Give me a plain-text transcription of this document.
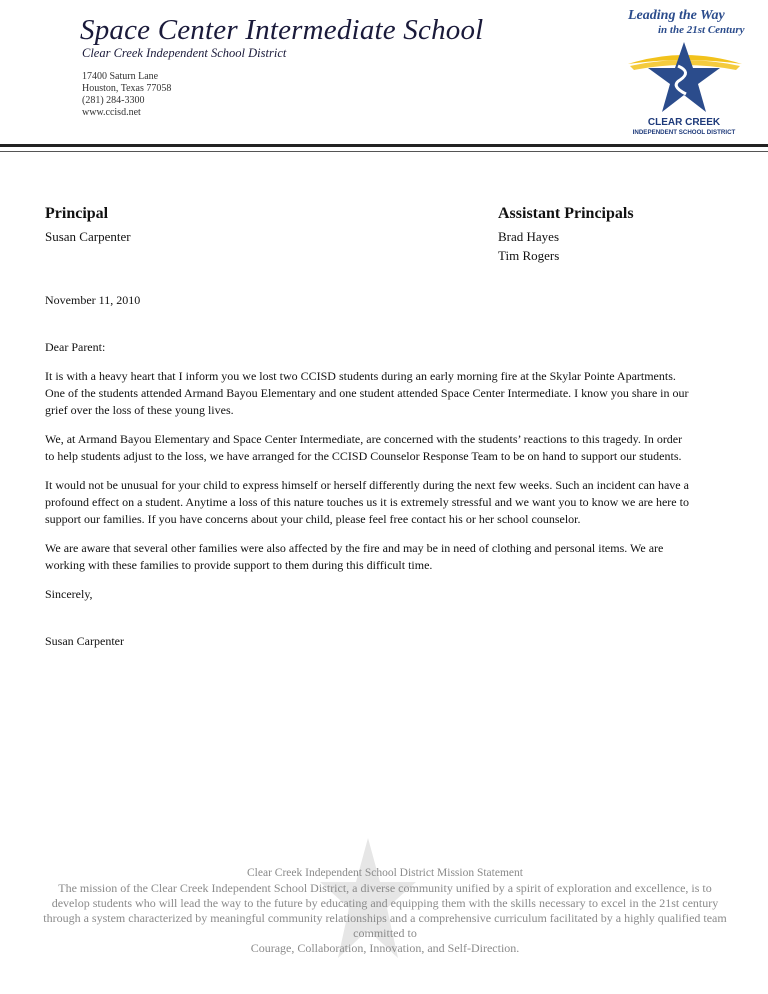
Space Center Intermediate School
Clear Creek Independent School District
17400 Saturn Lane
Houston, Texas 77058
(281) 284-3300
www.ccisd.net
Leading the Way
in the 21st Century
CLEAR CREEK
INDEPENDENT SCHOOL DISTRICT
Principal
Susan Carpenter
Assistant Principals
Brad Hayes
Tim Rogers

November 11, 2010

Dear Parent:

It is with a heavy heart that I inform you we lost two CCISD students during an early morning fire at the Skylar Pointe Apartments. One of the students attended Armand Bayou Elementary and one student attended Space Center Intermediate. I know you share in our grief over the loss of these young lives.

We, at Armand Bayou Elementary and Space Center Intermediate, are concerned with the students’ reactions to this tragedy. In order to help students adjust to the loss, we have arranged for the CCISD Counselor Response Team to be on hand to support our students.

It would not be unusual for your child to express himself or herself differently during the next few weeks. Such an incident can have a profound effect on a student. Anytime a loss of this nature touches us it is extremely stressful and we want you to know we are here to support our families. If you have concerns about your child, please feel free contact his or her school counselor.

We are aware that several other families were also affected by the fire and may be in need of clothing and personal items. We are working with these families to provide support to them during this difficult time.

Sincerely,

Susan Carpenter

Clear Creek Independent School District Mission Statement
The mission of the Clear Creek Independent School District, a diverse community unified by a spirit of exploration and excellence, is to develop students who will lead the way to the future by educating and equipping them with the skills necessary to excel in the 21st century through a system characterized by meaningful community relationships and a comprehensive curriculum facilitated by a highly qualified team committed to
Courage, Collaboration, Innovation, and Self-Direction.
